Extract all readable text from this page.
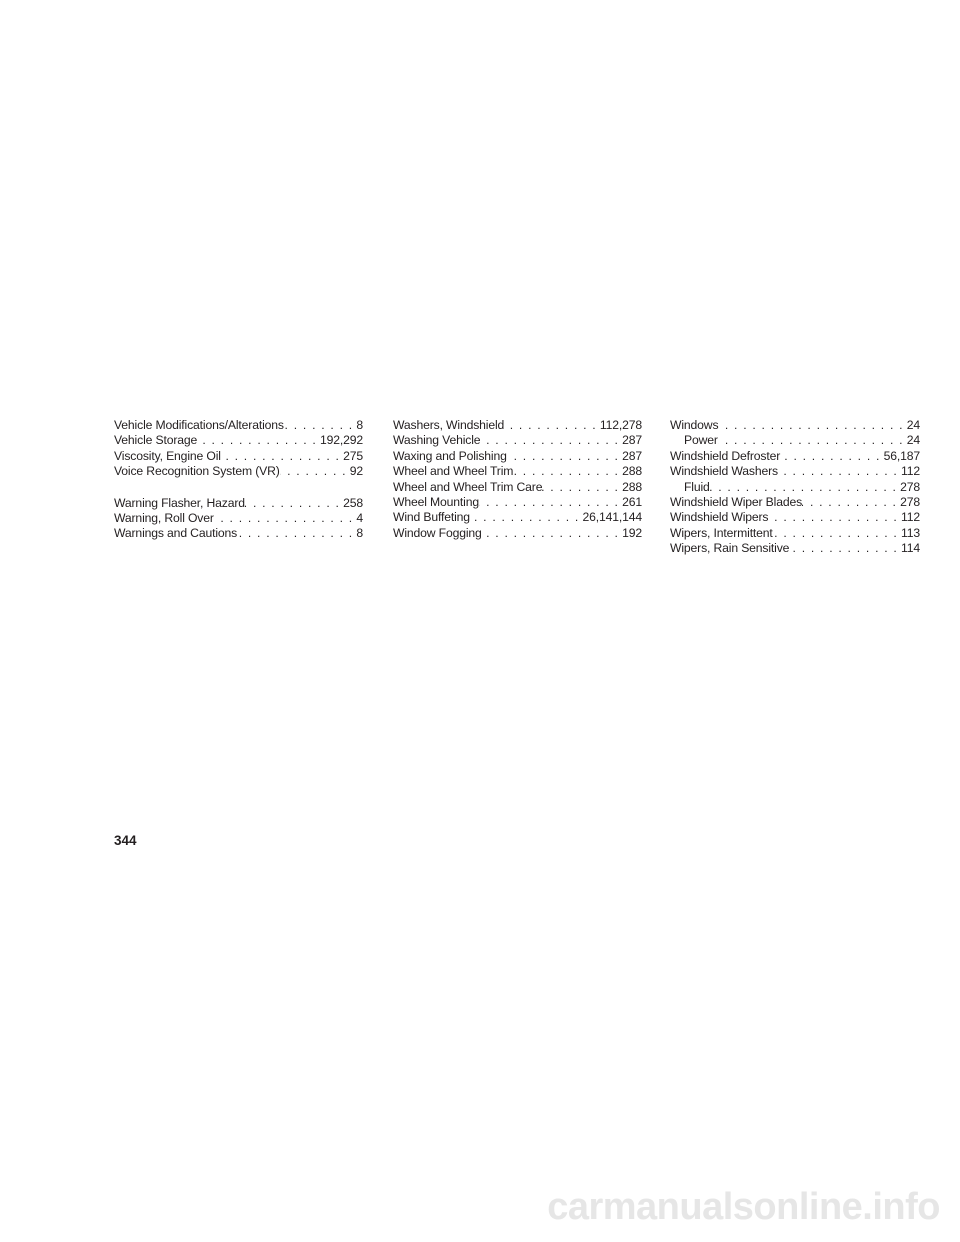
Vehicle Modifications/Alterations . . .	8
Vehicle Storage . . .	192,292
Viscosity, Engine Oil . . .	275
Voice Recognition System (VR) . . .	92
Warning Flasher, Hazard . . .	258
Warning, Roll Over . . .	4
Warnings and Cautions . . .	8
Washers, Windshield . . .	112,278
Washing Vehicle . . .	287
Waxing and Polishing . . .	287
Wheel and Wheel Trim . . .	288
Wheel and Wheel Trim Care . . .	288
Wheel Mounting . . .	261
Wind Buffeting . . .	26,141,144
Window Fogging . . .	192
Windows . . .	24
Power . . .	24
Windshield Defroster . . .	56,187
Windshield Washers . . .	112
Fluid . . .	278
Windshield Wiper Blades . . .	278
Windshield Wipers . . .	112
Wipers, Intermittent . . .	113
Wipers, Rain Sensitive . . .	114
344
carmanualsonline.info
